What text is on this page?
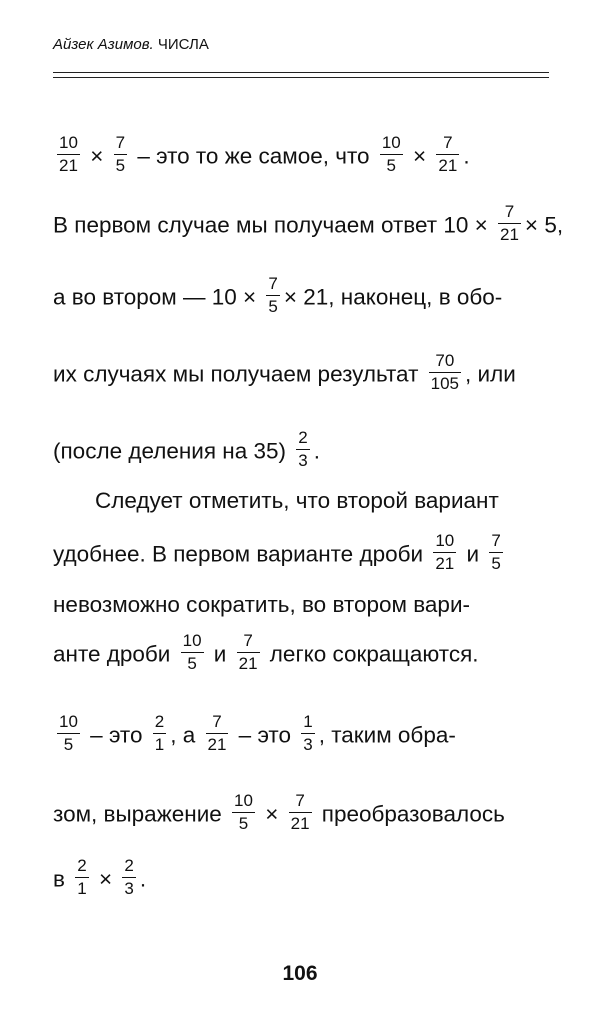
Айзек Азимов. ЧИСЛА
$\frac{10}{21} \times \frac{7}{5}$ – это то же самое, что $\frac{10}{5} \times \frac{7}{21}$ .
В первом случае мы получаем ответ $10 \times \frac{7}{21} \times 5$,
а во втором — $10 \times \frac{7}{5} \times 21$, наконец, в обо-
их случаях мы получаем результат $\frac{70}{105}$ , или
(после деления на $35) \frac{2}{3}$ .
Следует отметить, что второй вариант
удобнее. В первом варианте дроби $\frac{10}{21}$ и $\frac{7}{5}$
невозможно сократить, во втором вари-
анте дроби $\frac{10}{5}$ и $\frac{7}{21}$ легко сокращаются.
$\frac{10}{5}$ – это $\frac{2}{1}$ , а $\frac{7}{21}$ – это $\frac{1}{3}$ , таким обра-
зом, выражение $\frac{10}{5} \times \frac{7}{21}$ преобразовалось
в $\frac{2}{1} \times \frac{2}{3}$ .
106
